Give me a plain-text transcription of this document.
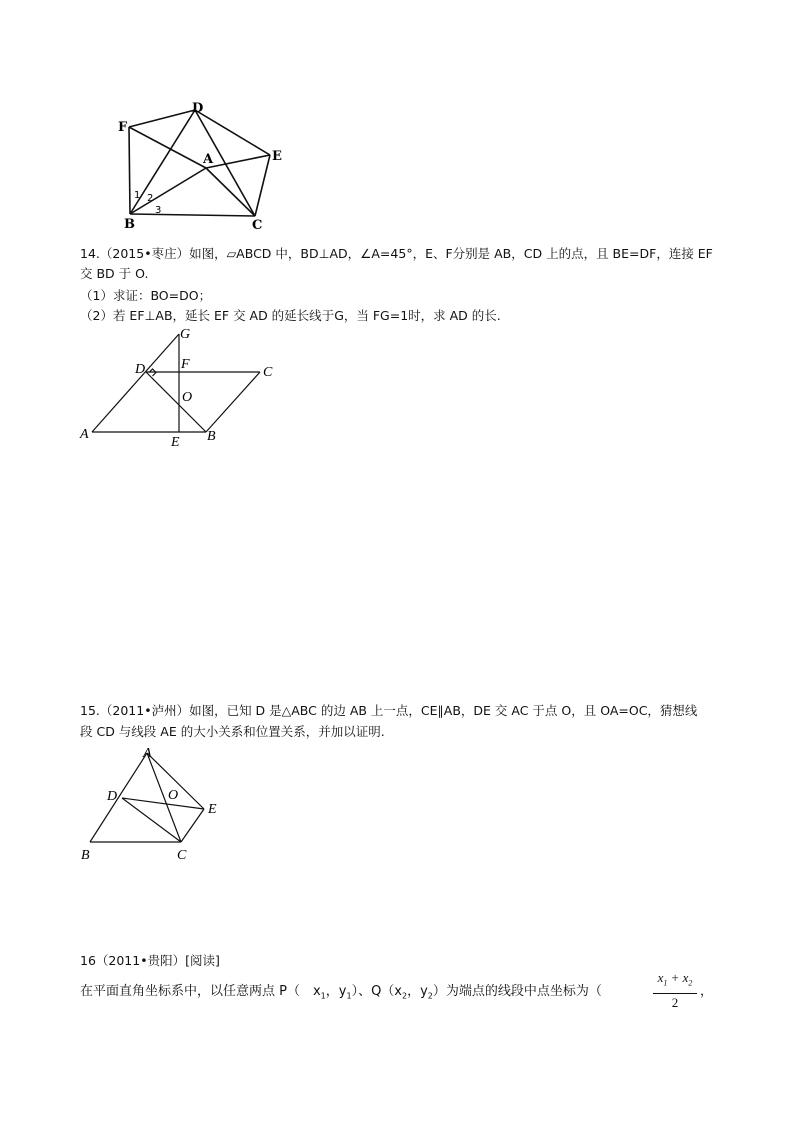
F
D
A	E
B	C
1 2
3
14.（2015•枣庄）如图，▱ABCD 中，BD⊥AD，∠A=45°，E、F分别是 AB，CD 上的点，且 BE=DF，连接 EF
交 BD 于 O.
（1）求证：BO=DO；
（2）若 EF⊥AB，延长 EF 交 AD 的延长线于G，当 FG=1时，求 AD 的长.
G
D	F
C
O
A
E B
15.（2011•泸州）如图，已知 D 是△ABC 的边 AB 上一点，CE∥AB，DE 交 AC 于点 O，且 OA=OC，猜想线
段 CD 与线段 AE 的大小关系和位置关系，并加以证明.
A
D	O
E
B	C
16（2011•贵阳）[阅读]
在平面直角坐标系中，以任意两点 P（　$x_1$，$y_1$）、$Q(x_2$，$y_2$）为端点的线段中点坐标为（	$\frac{x_1 + x_2}{2}$ ，
